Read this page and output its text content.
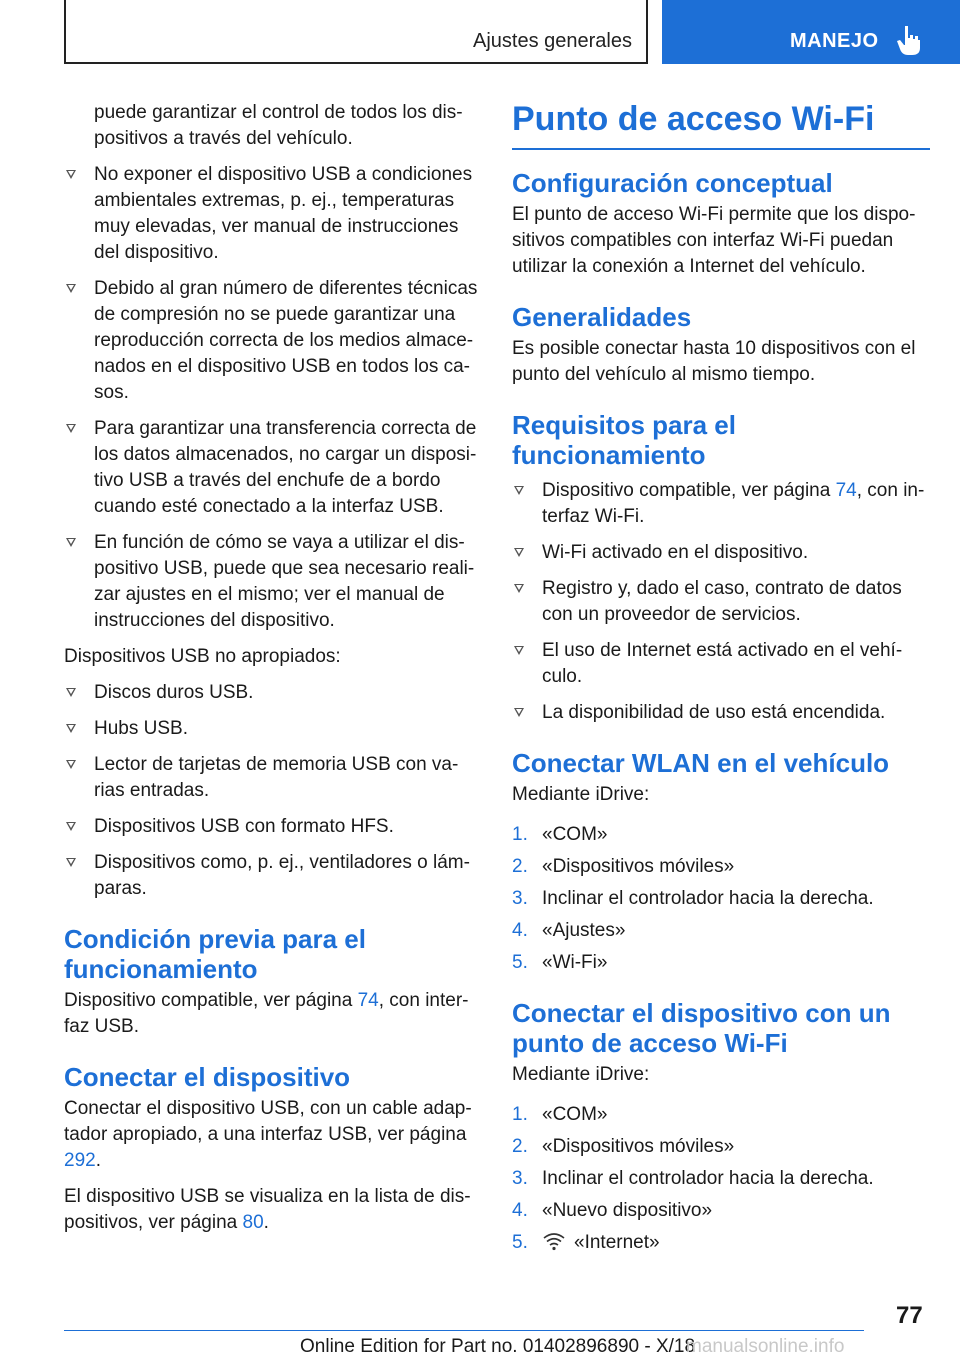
Ajustes generales	MANEJO
puede garantizar el control de todos los dispositivos a través del vehículo.
No exponer el dispositivo USB a condiciones ambientales extremas, p. ej., temperaturas muy elevadas, ver manual de instrucciones del dispositivo.
Debido al gran número de diferentes técnicas de compresión no se puede garantizar una reproducción correcta de los medios almacenados en el dispositivo USB en todos los casos.
Para garantizar una transferencia correcta de los datos almacenados, no cargar un dispositivo USB a través del enchufe de a bordo cuando esté conectado a la interfaz USB.
En función de cómo se vaya a utilizar el dispositivo USB, puede que sea necesario realizar ajustes en el mismo; ver el manual de instrucciones del dispositivo.
Dispositivos USB no apropiados:
Discos duros USB.
Hubs USB.
Lector de tarjetas de memoria USB con varias entradas.
Dispositivos USB con formato HFS.
Dispositivos como, p. ej., ventiladores o lámparas.
Condición previa para el funcionamiento
Dispositivo compatible, ver página 74, con interfaz USB.
Conectar el dispositivo
Conectar el dispositivo USB, con un cable adaptador apropiado, a una interfaz USB, ver página 292.
El dispositivo USB se visualiza en la lista de dispositivos, ver página 80.
Punto de acceso Wi-Fi
Configuración conceptual
El punto de acceso Wi-Fi permite que los dispositivos compatibles con interfaz Wi-Fi puedan utilizar la conexión a Internet del vehículo.
Generalidades
Es posible conectar hasta 10 dispositivos con el punto del vehículo al mismo tiempo.
Requisitos para el funcionamiento
Dispositivo compatible, ver página 74, con interfaz Wi-Fi.
Wi-Fi activado en el dispositivo.
Registro y, dado el caso, contrato de datos con un proveedor de servicios.
El uso de Internet está activado en el vehículo.
La disponibilidad de uso está encendida.
Conectar WLAN en el vehículo
Mediante iDrive:
1. «COM»
2. «Dispositivos móviles»
3. Inclinar el controlador hacia la derecha.
4. «Ajustes»
5. «Wi-Fi»
Conectar el dispositivo con un punto de acceso Wi-Fi
Mediante iDrive:
1. «COM»
2. «Dispositivos móviles»
3. Inclinar el controlador hacia la derecha.
4. «Nuevo dispositivo»
5. «Internet»
77
Online Edition for Part no. 01402896890 - X/18
manualsonline.info
